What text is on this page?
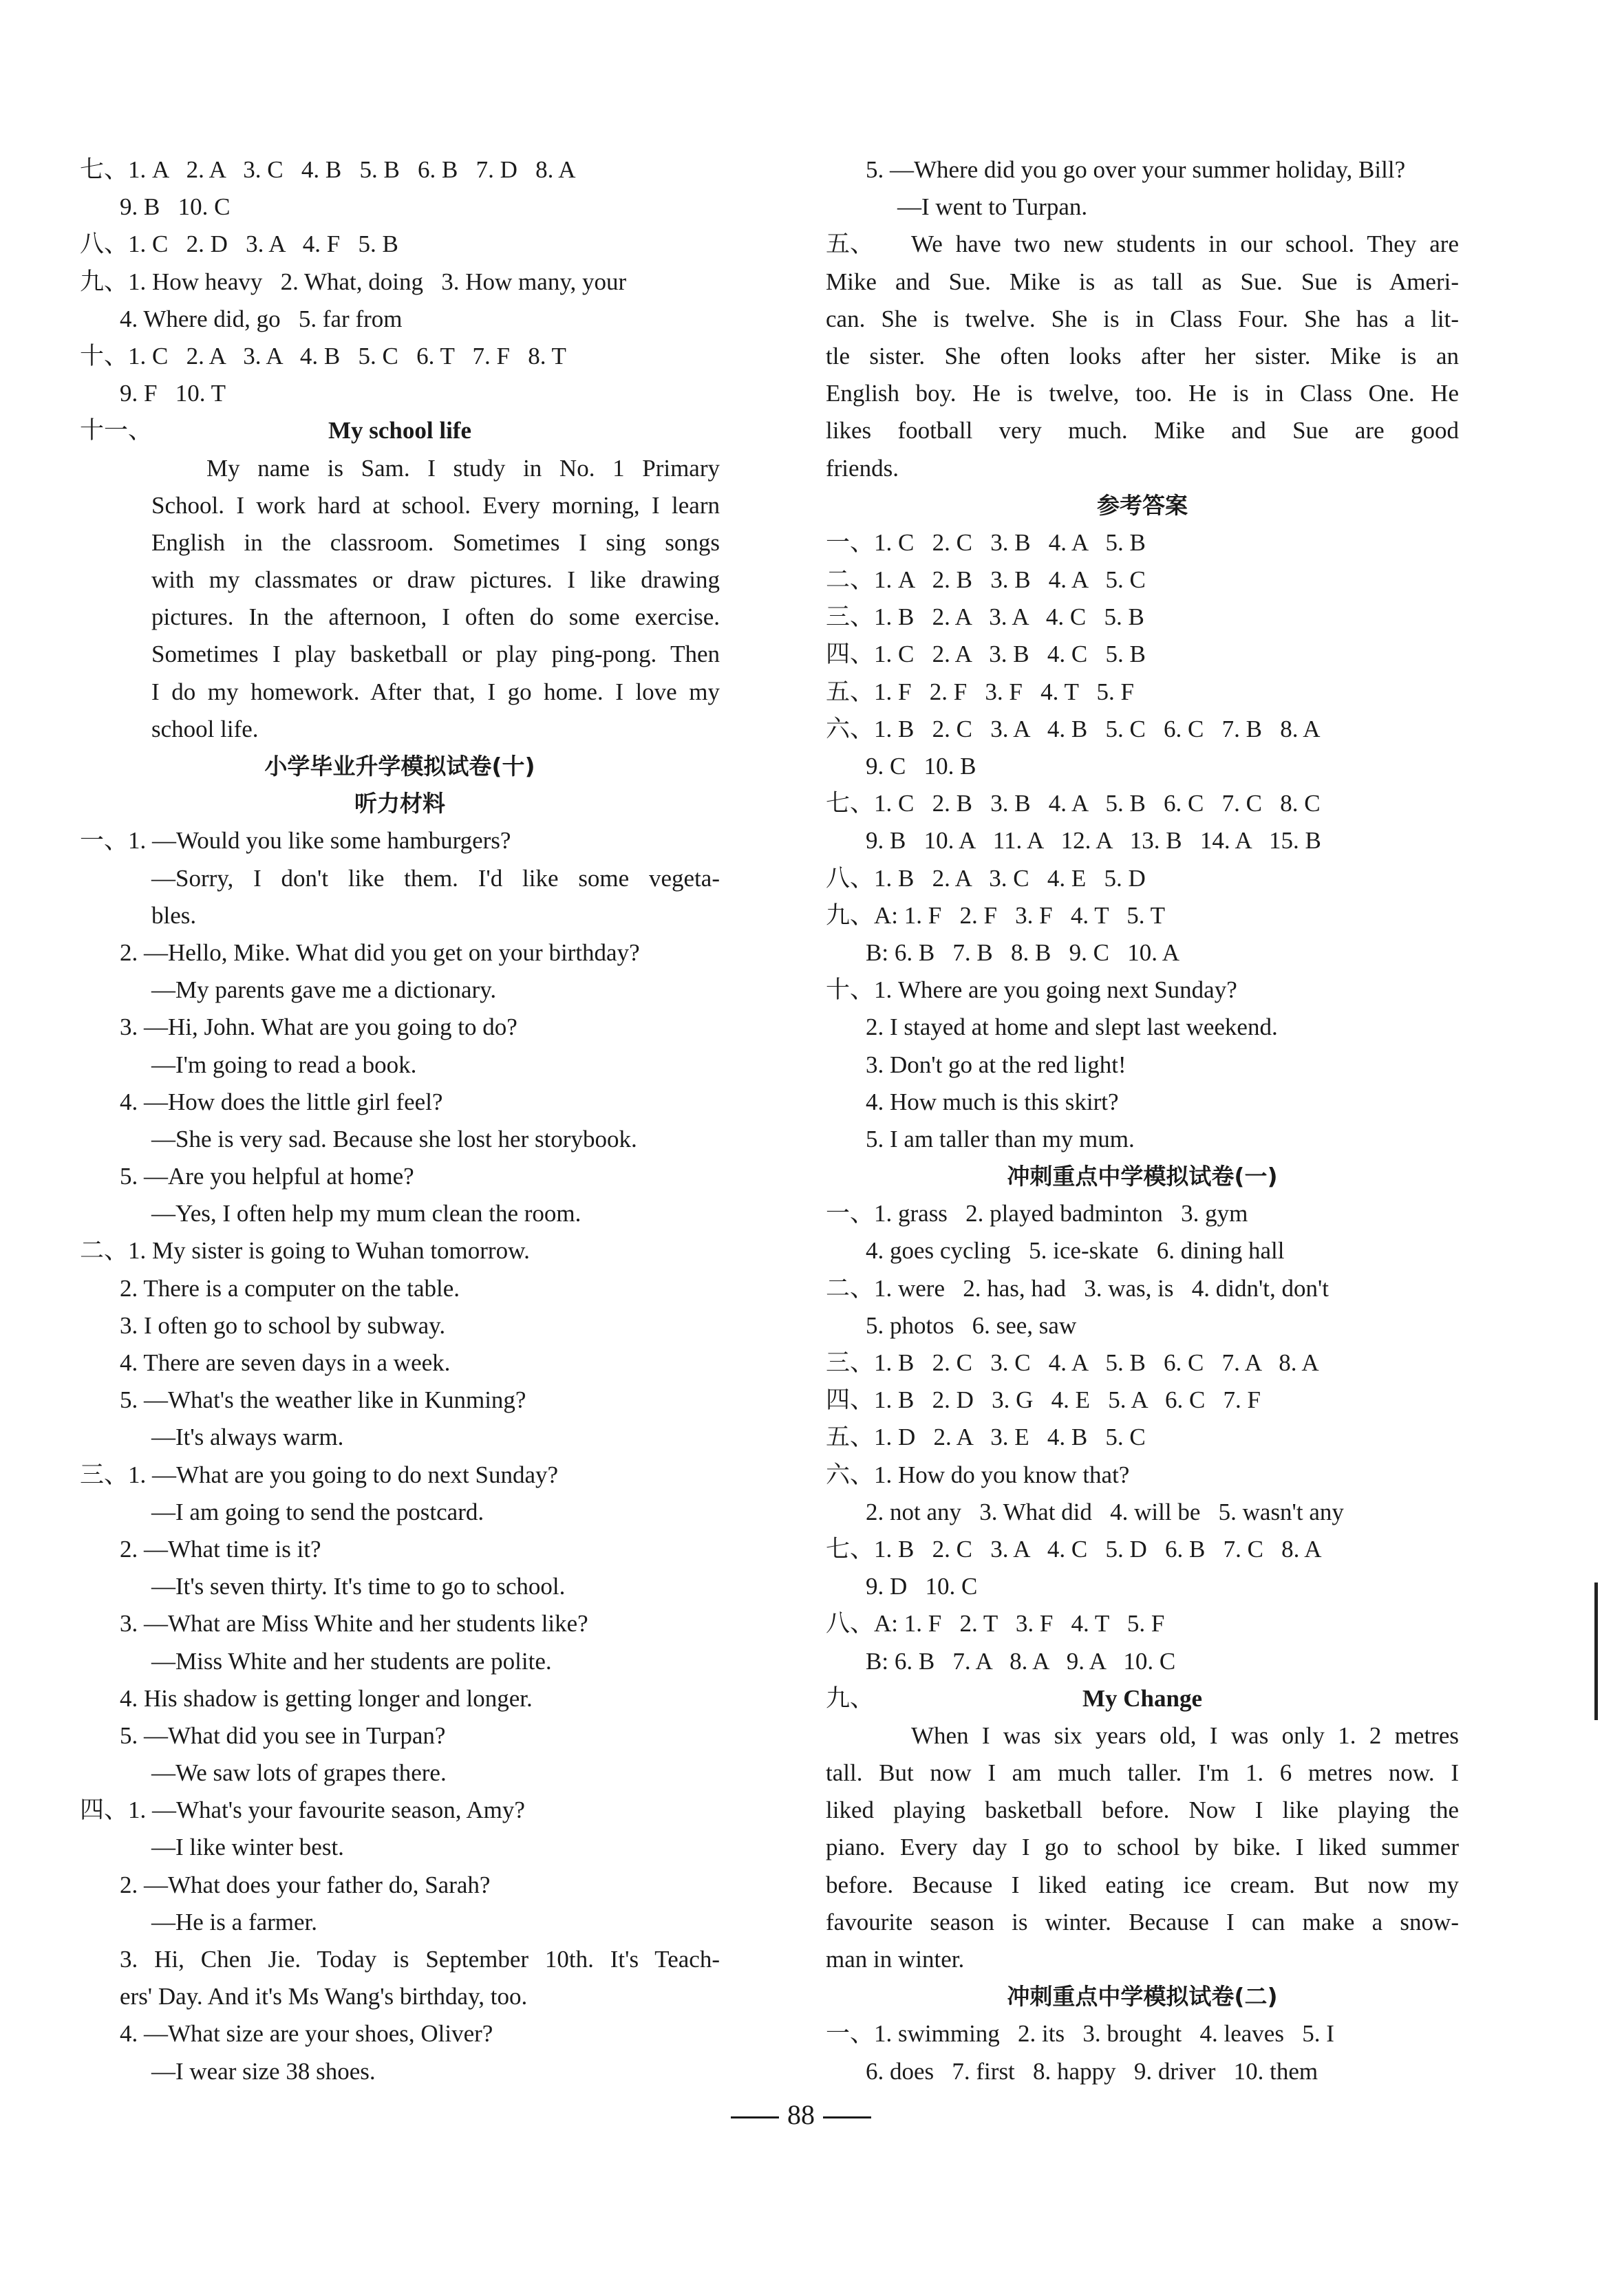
七、1. A   2. A   3. C   4. B   5. B   6. B   7. D   8. A
9. B   10. C
八、1. C   2. D   3. A   4. F   5. B
九、1. How heavy   2. What, doing   3. How many, your
4. Where did, go   5. far from
十、1. C   2. A   3. A   4. B   5. C   6. T   7. F   8. T
9. F   10. T
十一、	My school life
My name is Sam. I study in No. 1 Primary
School. I work hard at school. Every morning, I learn
English in the classroom. Sometimes I sing songs
with my classmates or draw pictures. I like drawing
pictures. In the afternoon, I often do some exercise.
Sometimes I play basketball or play ping-pong. Then
I do my homework. After that, I go home. I love my
school life.
小学毕业升学模拟试卷(十)
听力材料
一、1. —Would you like some hamburgers?
—Sorry, I don't like them. I'd like some vegeta-
bles.
2. —Hello, Mike. What did you get on your birthday?
—My parents gave me a dictionary.
3. —Hi, John. What are you going to do?
—I'm going to read a book.
4. —How does the little girl feel?
—She is very sad. Because she lost her storybook.
5. —Are you helpful at home?
—Yes, I often help my mum clean the room.
二、1. My sister is going to Wuhan tomorrow.
2. There is a computer on the table.
3. I often go to school by subway.
4. There are seven days in a week.
5. —What's the weather like in Kunming?
—It's always warm.
三、1. —What are you going to do next Sunday?
—I am going to send the postcard.
2. —What time is it?
—It's seven thirty. It's time to go to school.
3. —What are Miss White and her students like?
—Miss White and her students are polite.
4. His shadow is getting longer and longer.
5. —What did you see in Turpan?
—We saw lots of grapes there.
四、1. —What's your favourite season, Amy?
—I like winter best.
2. —What does your father do, Sarah?
—He is a farmer.
3. Hi, Chen Jie. Today is September 10th. It's Teach-
ers' Day. And it's Ms Wang's birthday, too.
4. —What size are your shoes, Oliver?
—I wear size 38 shoes.
5. —Where did you go over your summer holiday, Bill?
—I went to Turpan.
五、	We have two new students in our school. They are
Mike and Sue. Mike is as tall as Sue. Sue is Ameri-
can. She is twelve. She is in Class Four. She has a lit-
tle sister. She often looks after her sister. Mike is an
English boy. He is twelve, too. He is in Class One. He
likes football very much. Mike and Sue are good
friends.
参考答案
一、1. C   2. C   3. B   4. A   5. B
二、1. A   2. B   3. B   4. A   5. C
三、1. B   2. A   3. A   4. C   5. B
四、1. C   2. A   3. B   4. C   5. B
五、1. F   2. F   3. F   4. T   5. F
六、1. B   2. C   3. A   4. B   5. C   6. C   7. B   8. A
9. C   10. B
七、1. C   2. B   3. B   4. A   5. B   6. C   7. C   8. C
9. B   10. A   11. A   12. A   13. B   14. A   15. B
八、1. B   2. A   3. C   4. E   5. D
九、A: 1. F   2. F   3. F   4. T   5. T
B: 6. B   7. B   8. B   9. C   10. A
十、1. Where are you going next Sunday?
2. I stayed at home and slept last weekend.
3. Don't go at the red light!
4. How much is this skirt?
5. I am taller than my mum.
冲刺重点中学模拟试卷(一)
一、1. grass   2. played badminton   3. gym
4. goes cycling   5. ice-skate   6. dining hall
二、1. were   2. has, had   3. was, is   4. didn't, don't
5. photos   6. see, saw
三、1. B   2. C   3. C   4. A   5. B   6. C   7. A   8. A
四、1. B   2. D   3. G   4. E   5. A   6. C   7. F
五、1. D   2. A   3. E   4. B   5. C
六、1. How do you know that?
2. not any   3. What did   4. will be   5. wasn't any
七、1. B   2. C   3. A   4. C   5. D   6. B   7. C   8. A
9. D   10. C
八、A: 1. F   2. T   3. F   4. T   5. F
B: 6. B   7. A   8. A   9. A   10. C
九、	My Change
When I was six years old, I was only 1. 2 metres
tall. But now I am much taller. I'm 1. 6 metres now. I
liked playing basketball before. Now I like playing the
piano. Every day I go to school by bike. I liked summer
before. Because I liked eating ice cream. But now my
favourite season is winter. Because I can make a snow-
man in winter.
冲刺重点中学模拟试卷(二)
一、1. swimming   2. its   3. brought   4. leaves   5. I
6. does   7. first   8. happy   9. driver   10. them
88
